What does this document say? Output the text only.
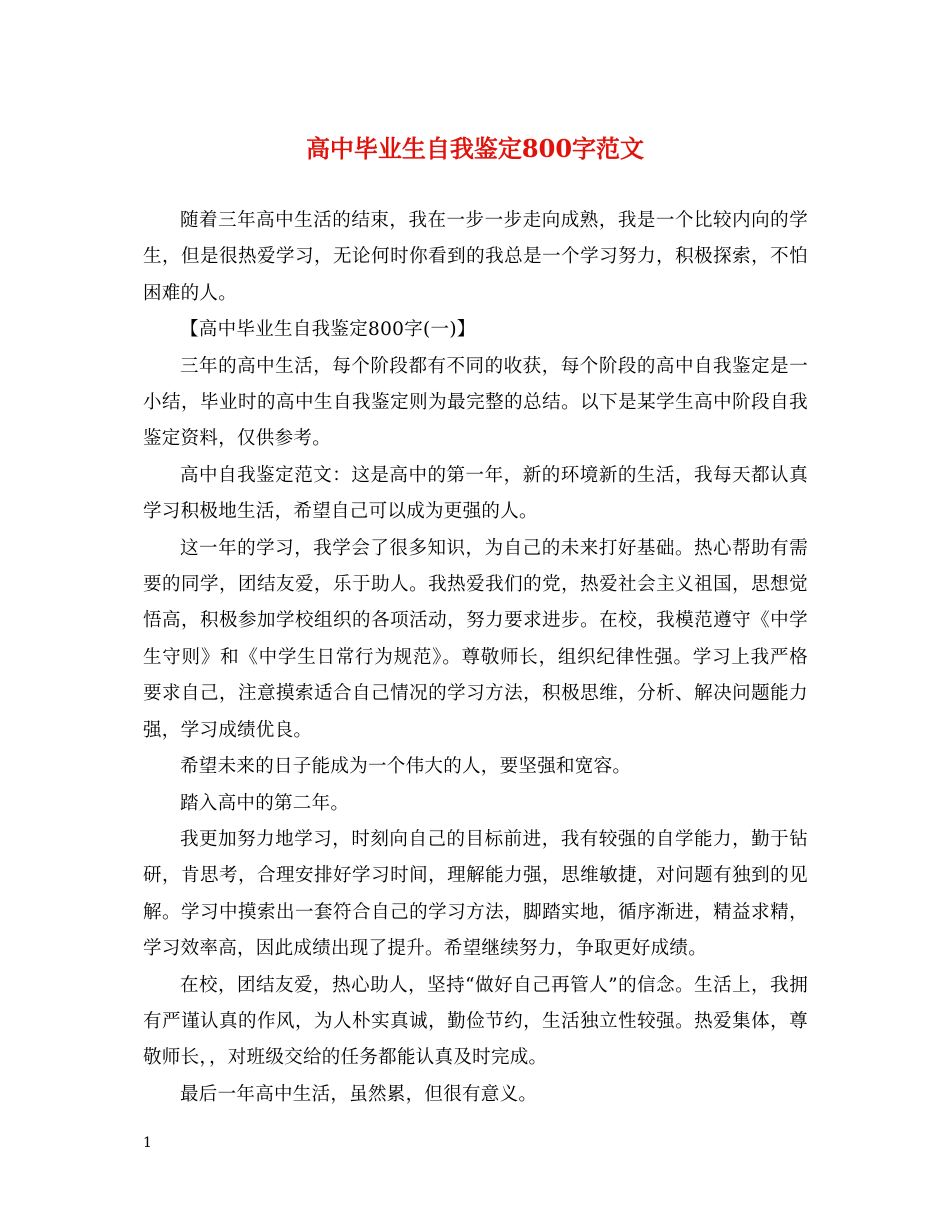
高中毕业生自我鉴定800字范文

随着三年高中生活的结束，我在一步一步走向成熟，我是一个比较内向的学生，但是很热爱学习，无论何时你看到的我总是一个学习努力，积极探索，不怕困难的人。

【高中毕业生自我鉴定800字(一)】

三年的高中生活，每个阶段都有不同的收获，每个阶段的高中自我鉴定是一小结，毕业时的高中生自我鉴定则为最完整的总结。以下是某学生高中阶段自我鉴定资料，仅供参考。

高中自我鉴定范文：这是高中的第一年，新的环境新的生活，我每天都认真学习积极地生活，希望自己可以成为更强的人。

这一年的学习，我学会了很多知识，为自己的未来打好基础。热心帮助有需要的同学，团结友爱，乐于助人。我热爱我们的党，热爱社会主义祖国，思想觉悟高，积极参加学校组织的各项活动，努力要求进步。在校，我模范遵守《中学生守则》和《中学生日常行为规范》。尊敬师长，组织纪律性强。学习上我严格要求自己，注意摸索适合自己情况的学习方法，积极思维，分析、解决问题能力强，学习成绩优良。

希望未来的日子能成为一个伟大的人，要坚强和宽容。

踏入高中的第二年。

我更加努力地学习，时刻向自己的目标前进，我有较强的自学能力，勤于钻研，肯思考，合理安排好学习时间，理解能力强，思维敏捷，对问题有独到的见解。学习中摸索出一套符合自己的学习方法，脚踏实地，循序渐进，精益求精，学习效率高，因此成绩出现了提升。希望继续努力，争取更好成绩。

在校，团结友爱，热心助人，坚持“做好自己再管人”的信念。生活上，我拥有严谨认真的作风，为人朴实真诚，勤俭节约，生活独立性较强。热爱集体，尊敬师长，，对班级交给的任务都能认真及时完成。

最后一年高中生活，虽然累，但很有意义。

1
